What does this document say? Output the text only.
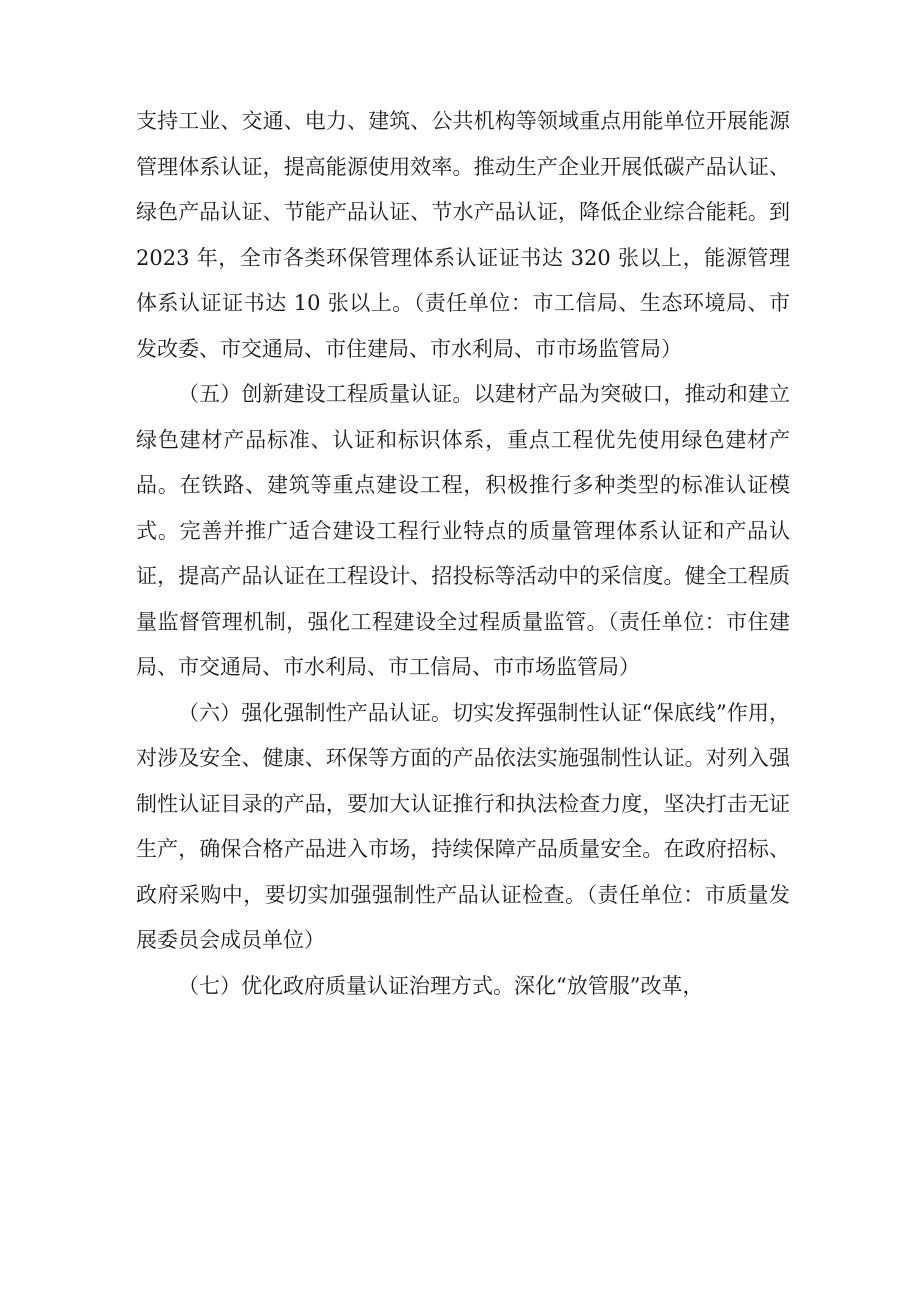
支持工业、交通、电力、建筑、公共机构等领域重点用能单位开展能源管理体系认证，提高能源使用效率。推动生产企业开展低碳产品认证、绿色产品认证、节能产品认证、节水产品认证，降低企业综合能耗。到 2023 年，全市各类环保管理体系认证证书达 320 张以上，能源管理体系认证证书达 10 张以上。（责任单位：市工信局、生态环境局、市发改委、市交通局、市住建局、市水利局、市市场监管局）

（五）创新建设工程质量认证。以建材产品为突破口，推动和建立绿色建材产品标准、认证和标识体系，重点工程优先使用绿色建材产品。在铁路、建筑等重点建设工程，积极推行多种类型的标准认证模式。完善并推广适合建设工程行业特点的质量管理体系认证和产品认证，提高产品认证在工程设计、招投标等活动中的采信度。健全工程质量监督管理机制，强化工程建设全过程质量监管。（责任单位：市住建局、市交通局、市水利局、市工信局、市市场监管局）

（六）强化强制性产品认证。切实发挥强制性认证“保底线”作用，对涉及安全、健康、环保等方面的产品依法实施强制性认证。对列入强制性认证目录的产品，要加大认证推行和执法检查力度，坚决打击无证生产，确保合格产品进入市场，持续保障产品质量安全。在政府招标、政府采购中，要切实加强强制性产品认证检查。（责任单位：市质量发展委员会成员单位）

（七）优化政府质量认证治理方式。深化“放管服”改革，
